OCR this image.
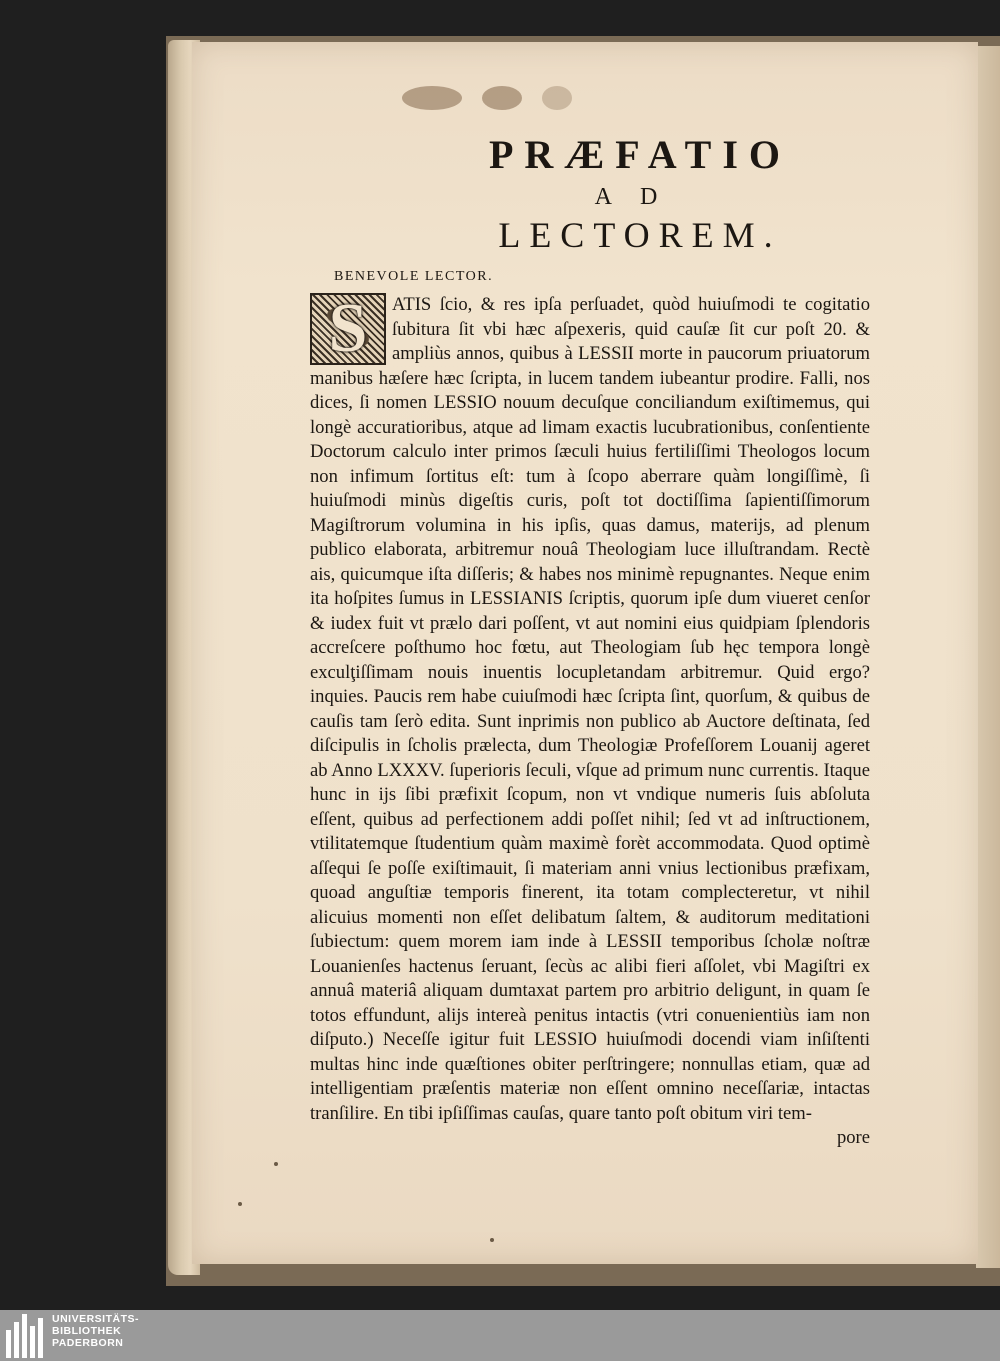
PRÆFATIO
AD
LECTOREM.
BENEVOLE LECTOR.

S	ATIS ſcio, & res ipſa perſuadet, quòd huiuſmodi te cogitatio ſubitura ſit vbi hæc aſpexeris, quid cauſæ ſit cur poſt 20. & ampliùs annos, quibus à LESSII morte in paucorum priuatorum manibus hæſere hæc ſcripta, in lucem tandem iubeantur prodire. Falli, nos dices, ſi nomen LESSIO nouum decuſque conciliandum exiſtimemus, qui longè accuratioribus, atque ad limam exactis lucubrationibus, conſentiente Doctorum calculo inter primos ſæculi huius fertiliſſimi Theologos locum non infimum ſortitus eſt: tum à ſcopo aberrare quàm longiſſimè, ſi huiuſmodi minùs digeſtis curis, poſt tot doctiſſima ſapientiſſimorum Magiſtrorum volumina in his ipſis, quas damus, materijs, ad plenum publico elaborata, arbitremur nouâ Theologiam luce illuſtrandam. Rectè ais, quicumque iſta diſſeris; & habes nos minimè repugnantes. Neque enim ita hoſpites ſumus in LESSIANIS ſcriptis, quorum ipſe dum viueret cenſor & iudex fuit vt prælo dari poſſent, vt aut nomini eius quidpiam ſplendoris accreſcere poſthumo hoc fœtu, aut Theologiam ſub hęc tempora longè exculţiſſimam nouis inuentis locupletandam arbitremur. Quid ergo? inquies. Paucis rem habe cuiuſmodi hæc ſcripta ſint, quorſum, & quibus de cauſis tam ſerò edita. Sunt inprimis non publico ab Auctore deſtinata, ſed diſcipulis in ſcholis prælecta, dum Theologiæ Profeſſorem Louanij ageret ab Anno LXXXV. ſuperioris ſeculi, vſque ad primum nunc currentis. Itaque hunc in ijs ſibi præfixit ſcopum, non vt vndique numeris ſuis abſoluta eſſent, quibus ad perfectionem addi poſſet nihil; ſed vt ad inſtructionem, vtilitatemque ſtudentium quàm maximè forèt accommodata. Quod optimè aſſequi ſe poſſe exiſtimauit, ſi materiam anni vnius lectionibus præfixam, quoad anguſtiæ temporis finerent, ita totam complecteretur, vt nihil alicuius momenti non eſſet delibatum ſaltem, & auditorum meditationi ſubiectum: quem morem iam inde à LESSII temporibus ſcholæ noſtræ Louanienſes hactenus ſeruant, ſecùs ac alibi fieri aſſolet, vbi Magiſtri ex annuâ materiâ aliquam dumtaxat partem pro arbitrio deligunt, in quam ſe totos effundunt, alijs intereà penitus intactis (vtri conuenientiùs iam non diſputo.) Neceſſe igitur fuit LESSIO huiuſmodi docendi viam inſiſtenti multas hinc inde quæſtiones obiter perſtringere; nonnullas etiam, quæ ad intelligentiam præſentis materiæ non eſſent omnino neceſſariæ, intactas tranſilire. En tibi ipſiſſimas cauſas, quare tanto poſt obitum viri tem-

pore

UNIVERSITÄTS-
BIBLIOTHEK
PADERBORN
